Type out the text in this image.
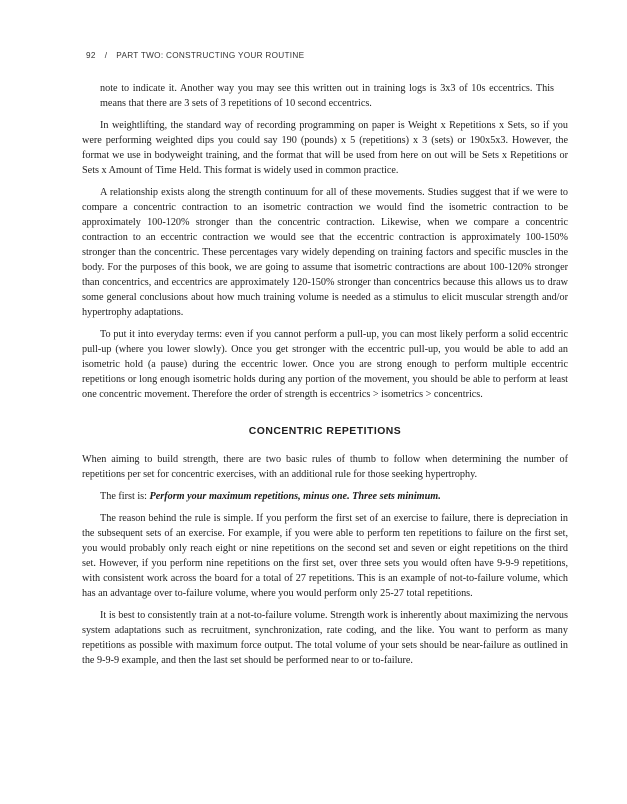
92 / PART TWO: CONSTRUCTING YOUR ROUTINE

note to indicate it. Another way you may see this written out in training logs is 3x3 of 10s eccentrics. This means that there are 3 sets of 3 repetitions of 10 second eccentrics.

In weightlifting, the standard way of recording programming on paper is Weight x Repetitions x Sets, so if you were performing weighted dips you could say 190 (pounds) x 5 (repetitions) x 3 (sets) or 190x5x3. However, the format we use in bodyweight training, and the format that will be used from here on out will be Sets x Repetitions or Sets x Amount of Time Held. This format is widely used in common practice.

A relationship exists along the strength continuum for all of these movements. Studies suggest that if we were to compare a concentric contraction to an isometric contraction we would find the isometric contraction to be approximately 100-120% stronger than the concentric contraction. Likewise, when we compare a concentric contraction to an eccentric contraction we would see that the eccentric contraction is approximately 100-150% stronger than the concentric. These percentages vary widely depending on training factors and specific muscles in the body. For the purposes of this book, we are going to assume that isometric contractions are about 100-120% stronger than concentrics, and eccentrics are approximately 120-150% stronger than concentrics because this allows us to draw some general conclusions about how much training volume is needed as a stimulus to elicit muscular strength and/or hypertrophy adaptations.

To put it into everyday terms: even if you cannot perform a pull-up, you can most likely perform a solid eccentric pull-up (where you lower slowly). Once you get stronger with the eccentric pull-up, you would be able to add an isometric hold (a pause) during the eccentric lower. Once you are strong enough to perform multiple eccentric repetitions or long enough isometric holds during any portion of the movement, you should be able to perform at least one concentric movement. Therefore the order of strength is eccentrics > isometrics > concentrics.

CONCENTRIC REPETITIONS

When aiming to build strength, there are two basic rules of thumb to follow when determining the number of repetitions per set for concentric exercises, with an additional rule for those seeking hypertrophy.

The first is: Perform your maximum repetitions, minus one. Three sets minimum.

The reason behind the rule is simple. If you perform the first set of an exercise to failure, there is depreciation in the subsequent sets of an exercise. For example, if you were able to perform ten repetitions to failure on the first set, you would probably only reach eight or nine repetitions on the second set and seven or eight repetitions on the third set. However, if you perform nine repetitions on the first set, over three sets you would often have 9-9-9 repetitions, with consistent work across the board for a total of 27 repetitions. This is an example of not-to-failure volume, which has an advantage over to-failure volume, where you would perform only 25-27 total repetitions.

It is best to consistently train at a not-to-failure volume. Strength work is inherently about maximizing the nervous system adaptations such as recruitment, synchronization, rate coding, and the like. You want to perform as many repetitions as possible with maximum force output. The total volume of your sets should be near-failure as outlined in the 9-9-9 example, and then the last set should be performed near to or to-failure.
